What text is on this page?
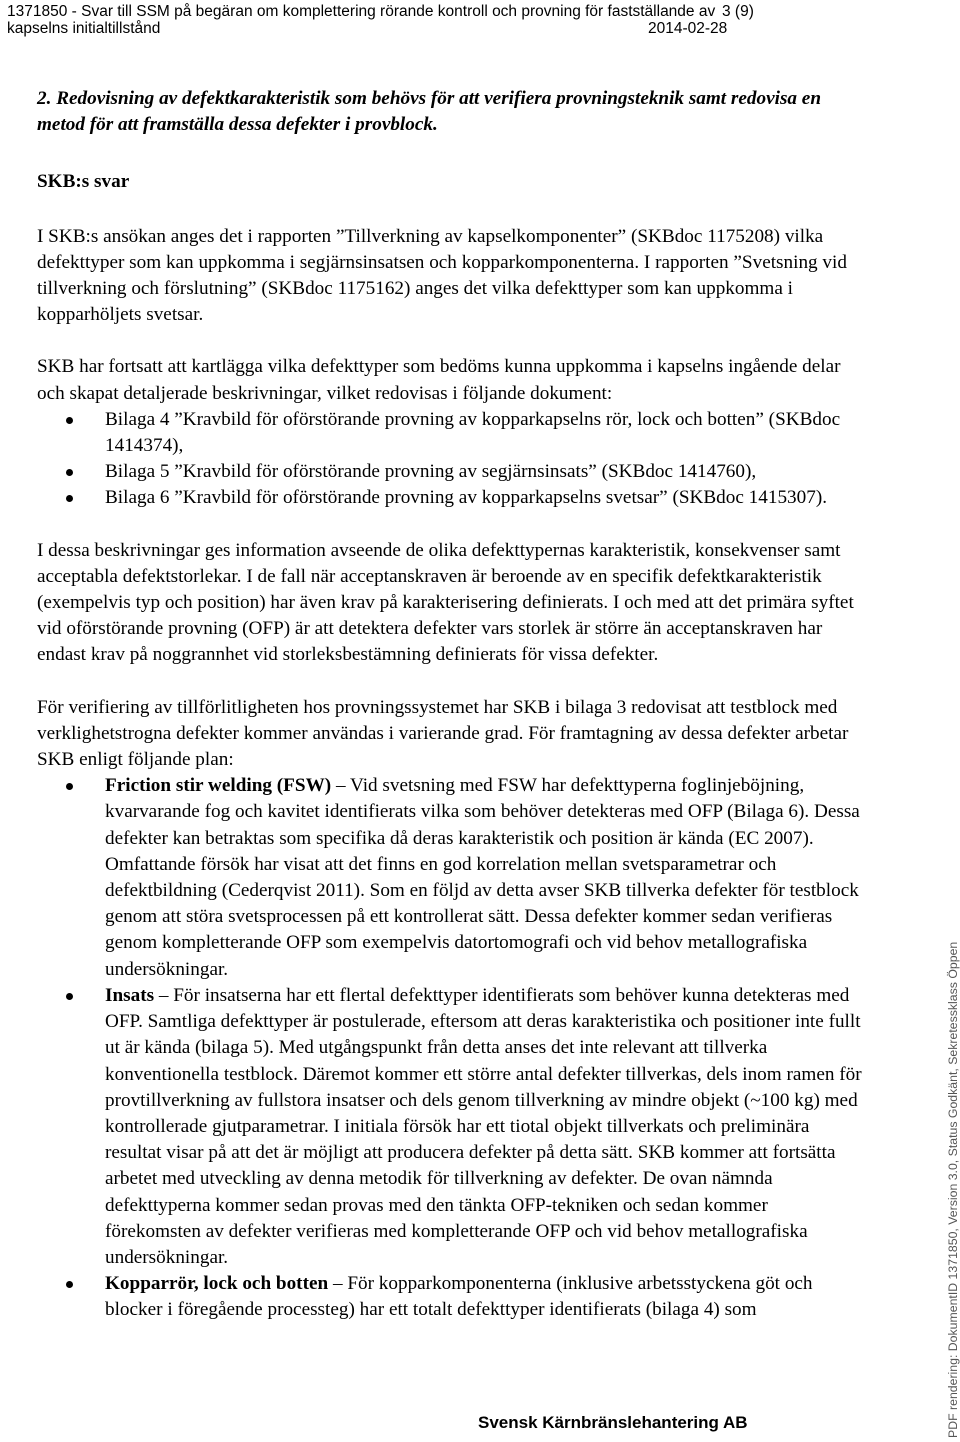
1371850 - Svar till SSM på begäran om komplettering rörande kontroll och provning för fastställande av 3 (9)
kapselns initialtillstånd	2014-02-28

2. Redovisning av defektkarakteristik som behövs för att verifiera provningsteknik samt redovisa en metod för att framställa dessa defekter i provblock.

SKB:s svar

I SKB:s ansökan anges det i rapporten ”Tillverkning av kapselkomponenter” (SKBdoc 1175208) vilka defekttyper som kan uppkomma i segjärnsinsatsen och kopparkomponenterna. I rapporten ”Svetsning vid tillverkning och förslutning” (SKBdoc 1175162) anges det vilka defekttyper som kan uppkomma i kopparhöljets svetsar.

SKB har fortsatt att kartlägga vilka defekttyper som bedöms kunna uppkomma i kapselns ingående delar och skapat detaljerade beskrivningar, vilket redovisas i följande dokument:

Bilaga 4 ”Kravbild för oförstörande provning av kopparkapselns rör, lock och botten” (SKBdoc 1414374),
Bilaga 5 ”Kravbild för oförstörande provning av segjärnsinsats” (SKBdoc 1414760),
Bilaga 6 ”Kravbild för oförstörande provning av kopparkapselns svetsar” (SKBdoc 1415307).

I dessa beskrivningar ges information avseende de olika defekttypernas karakteristik, konsekvenser samt acceptabla defektstorlekar. I de fall när acceptanskraven är beroende av en specifik defektkarakteristik (exempelvis typ och position) har även krav på karakterisering definierats. I och med att det primära syftet vid oförstörande provning (OFP) är att detektera defekter vars storlek är större än acceptanskraven har endast krav på noggrannhet vid storleksbestämning definierats för vissa defekter.

För verifiering av tillförlitligheten hos provningssystemet har SKB i bilaga 3 redovisat att testblock med verklighetstrogna defekter kommer användas i varierande grad. För framtagning av dessa defekter arbetar SKB enligt följande plan:

Friction stir welding (FSW) – Vid svetsning med FSW har defekttyperna foglinjeböjning, kvarvarande fog och kavitet identifierats vilka som behöver detekteras med OFP (Bilaga 6). Dessa defekter kan betraktas som specifika då deras karakteristik och position är kända (EC 2007). Omfattande försök har visat att det finns en god korrelation mellan svetsparametrar och defektbildning (Cederqvist 2011). Som en följd av detta avser SKB tillverka defekter för testblock genom att störa svetsprocessen på ett kontrollerat sätt. Dessa defekter kommer sedan verifieras genom kompletterande OFP som exempelvis datortomografi och vid behov metallografiska undersökningar.
Insats – För insatserna har ett flertal defekttyper identifierats som behöver kunna detekteras med OFP. Samtliga defekttyper är postulerade, eftersom att deras karakteristika och positioner inte fullt ut är kända (bilaga 5). Med utgångspunkt från detta anses det inte relevant att tillverka konventionella testblock. Däremot kommer ett större antal defekter tillverkas, dels inom ramen för provtillverkning av fullstora insatser och dels genom tillverkning av mindre objekt (~100 kg) med kontrollerade gjutparametrar. I initiala försök har ett tiotal objekt tillverkats och preliminära resultat visar på att det är möjligt att producera defekter på detta sätt. SKB kommer att fortsätta arbetet med utveckling av denna metodik för tillverkning av defekter. De ovan nämnda defekttyperna kommer sedan provas med den tänkta OFP-tekniken och sedan kommer förekomsten av defekter verifieras med kompletterande OFP och vid behov metallografiska undersökningar.
Kopparrör, lock och botten – För kopparkomponenterna (inklusive arbetsstyckena göt och blocker i föregående processteg) har ett totalt defekttyper identifierats (bilaga 4) som
Svensk Kärnbränslehantering AB	PDF rendering: DokumentID 1371850, Version 3.0, Status Godkänt, Sekretessklass Öppen
